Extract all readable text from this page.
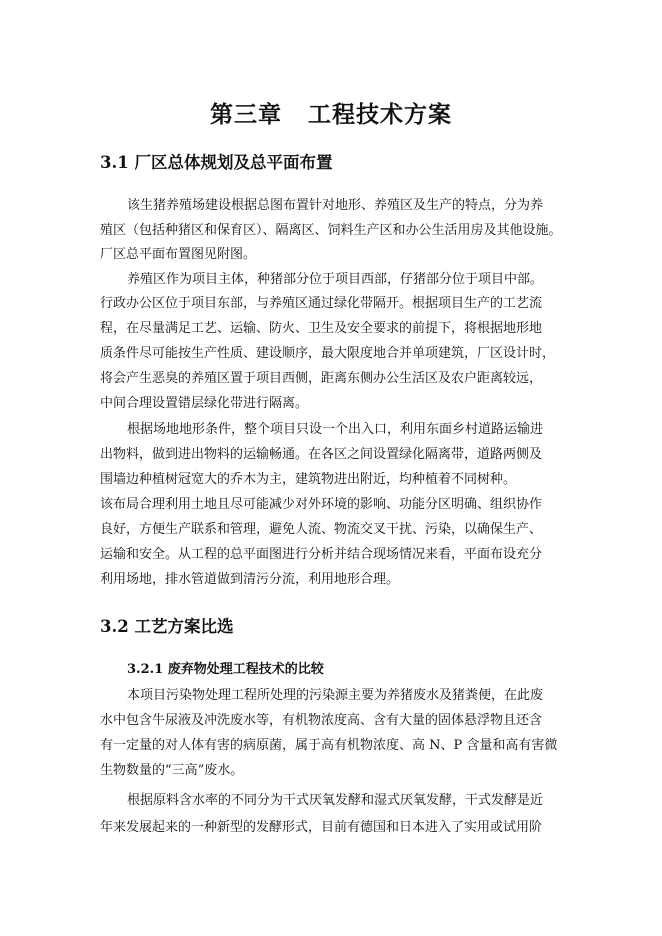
第三章 工程技术方案
3.1 厂区总体规划及总平面布置

该生猪养殖场建设根据总图布置针对地形、养殖区及生产的特点，分为养

殖区（包括种猪区和保育区）、隔离区、饲料生产区和办公生活用房及其他设施。

厂区总平面布置图见附图。

养殖区作为项目主体，种猪部分位于项目西部，仔猪部分位于项目中部。

行政办公区位于项目东部，与养殖区通过绿化带隔开。根据项目生产的工艺流

程，在尽量满足工艺、运输、防火、卫生及安全要求的前提下，将根据地形地

质条件尽可能按生产性质、建设顺序，最大限度地合并单项建筑，厂区设计时，

将会产生恶臭的养殖区置于项目西侧，距离东侧办公生活区及农户距离较远，

中间合理设置错层绿化带进行隔离。

根据场地地形条件，整个项目只设一个出入口，利用东面乡村道路运输进

出物料，做到进出物料的运输畅通。在各区之间设置绿化隔离带，道路两侧及

围墙边种植树冠宽大的乔木为主，建筑物进出附近，均种植着不同树种。

该布局合理利用土地且尽可能减少对外环境的影响、功能分区明确、组织协作

良好，方便生产联系和管理，避免人流、物流交叉干扰、污染，以确保生产、

运输和安全。从工程的总平面图进行分析并结合现场情况来看，平面布设充分

利用场地，排水管道做到清污分流，利用地形合理。

3.2 工艺方案比选
3.2.1 废弃物处理工程技术的比较

本项目污染物处理工程所处理的污染源主要为养猪废水及猪粪便，在此废

水中包含牛尿液及冲洗废水等，有机物浓度高、含有大量的固体悬浮物且还含

有一定量的对人体有害的病原菌，属于高有机物浓度、高 N、P 含量和高有害微

生物数量的“三高”废水。

根据原料含水率的不同分为干式厌氧发酵和湿式厌氧发酵，干式发酵是近

年来发展起来的一种新型的发酵形式，目前有德国和日本进入了实用或试用阶
